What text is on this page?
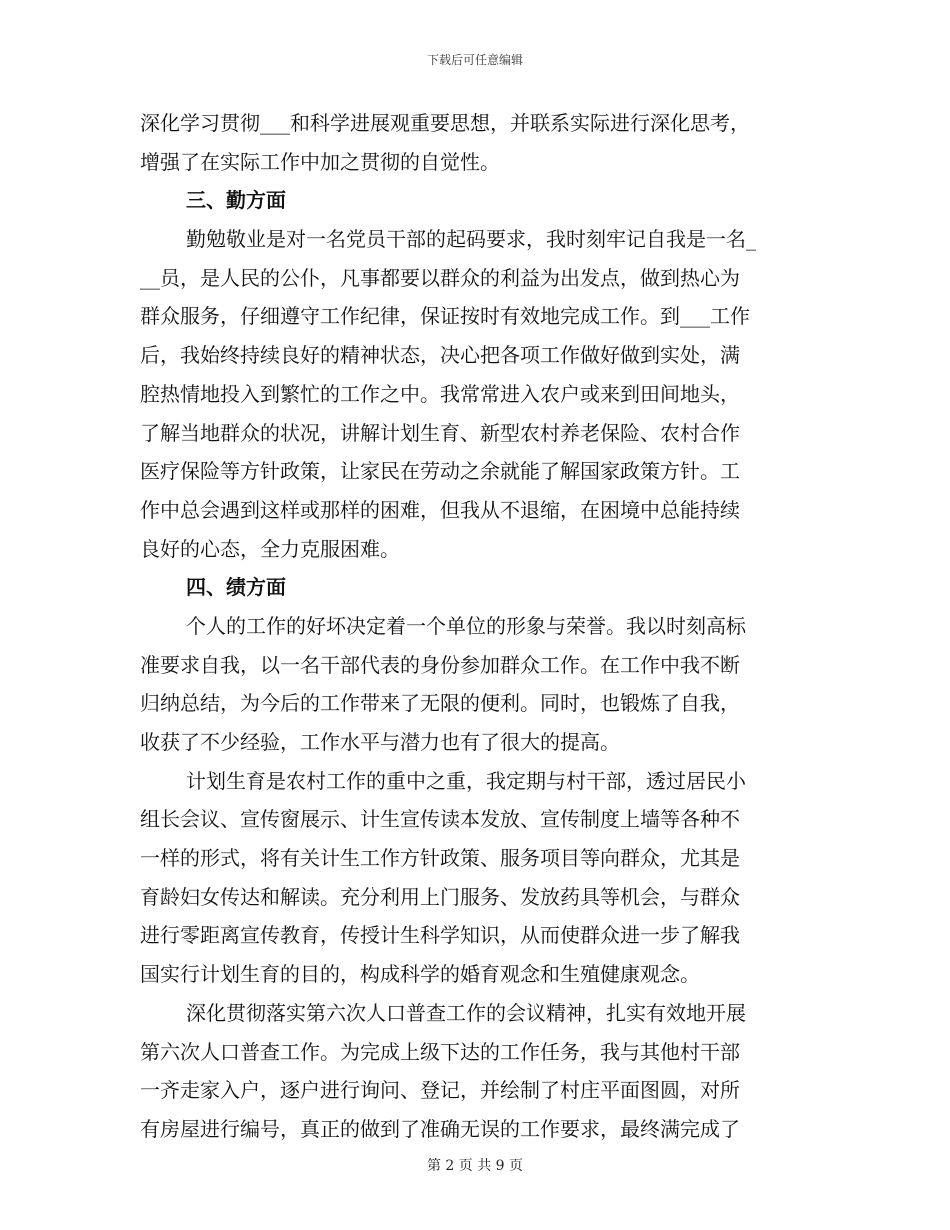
下载后可任意编辑
深化学习贯彻___和科学进展观重要思想，并联系实际进行深化思考，
增强了在实际工作中加之贯彻的自觉性。
三、勤方面
勤勉敬业是对一名党员干部的起码要求，我时刻牢记自我是一名_
__员，是人民的公仆，凡事都要以群众的利益为出发点，做到热心为
群众服务，仔细遵守工作纪律，保证按时有效地完成工作。到___工作
后，我始终持续良好的精神状态，决心把各项工作做好做到实处，满
腔热情地投入到繁忙的工作之中。我常常进入农户或来到田间地头，
了解当地群众的状况，讲解计划生育、新型农村养老保险、农村合作
医疗保险等方针政策，让家民在劳动之余就能了解国家政策方针。工
作中总会遇到这样或那样的困难，但我从不退缩，在困境中总能持续
良好的心态，全力克服困难。
四、绩方面
个人的工作的好坏决定着一个单位的形象与荣誉。我以时刻高标
准要求自我，以一名干部代表的身份参加群众工作。在工作中我不断
归纳总结，为今后的工作带来了无限的便利。同时，也锻炼了自我，
收获了不少经验，工作水平与潜力也有了很大的提高。
计划生育是农村工作的重中之重，我定期与村干部，透过居民小
组长会议、宣传窗展示、计生宣传读本发放、宣传制度上墙等各种不
一样的形式，将有关计生工作方针政策、服务项目等向群众，尤其是
育龄妇女传达和解读。充分利用上门服务、发放药具等机会，与群众
进行零距离宣传教育，传授计生科学知识，从而使群众进一步了解我
国实行计划生育的目的，构成科学的婚育观念和生殖健康观念。
深化贯彻落实第六次人口普查工作的会议精神，扎实有效地开展
第六次人口普查工作。为完成上级下达的工作任务，我与其他村干部
一齐走家入户，逐户进行询问、登记，并绘制了村庄平面图圆，对所
有房屋进行编号，真正的做到了准确无误的工作要求，最终满完成了
第 2 页 共 9 页
